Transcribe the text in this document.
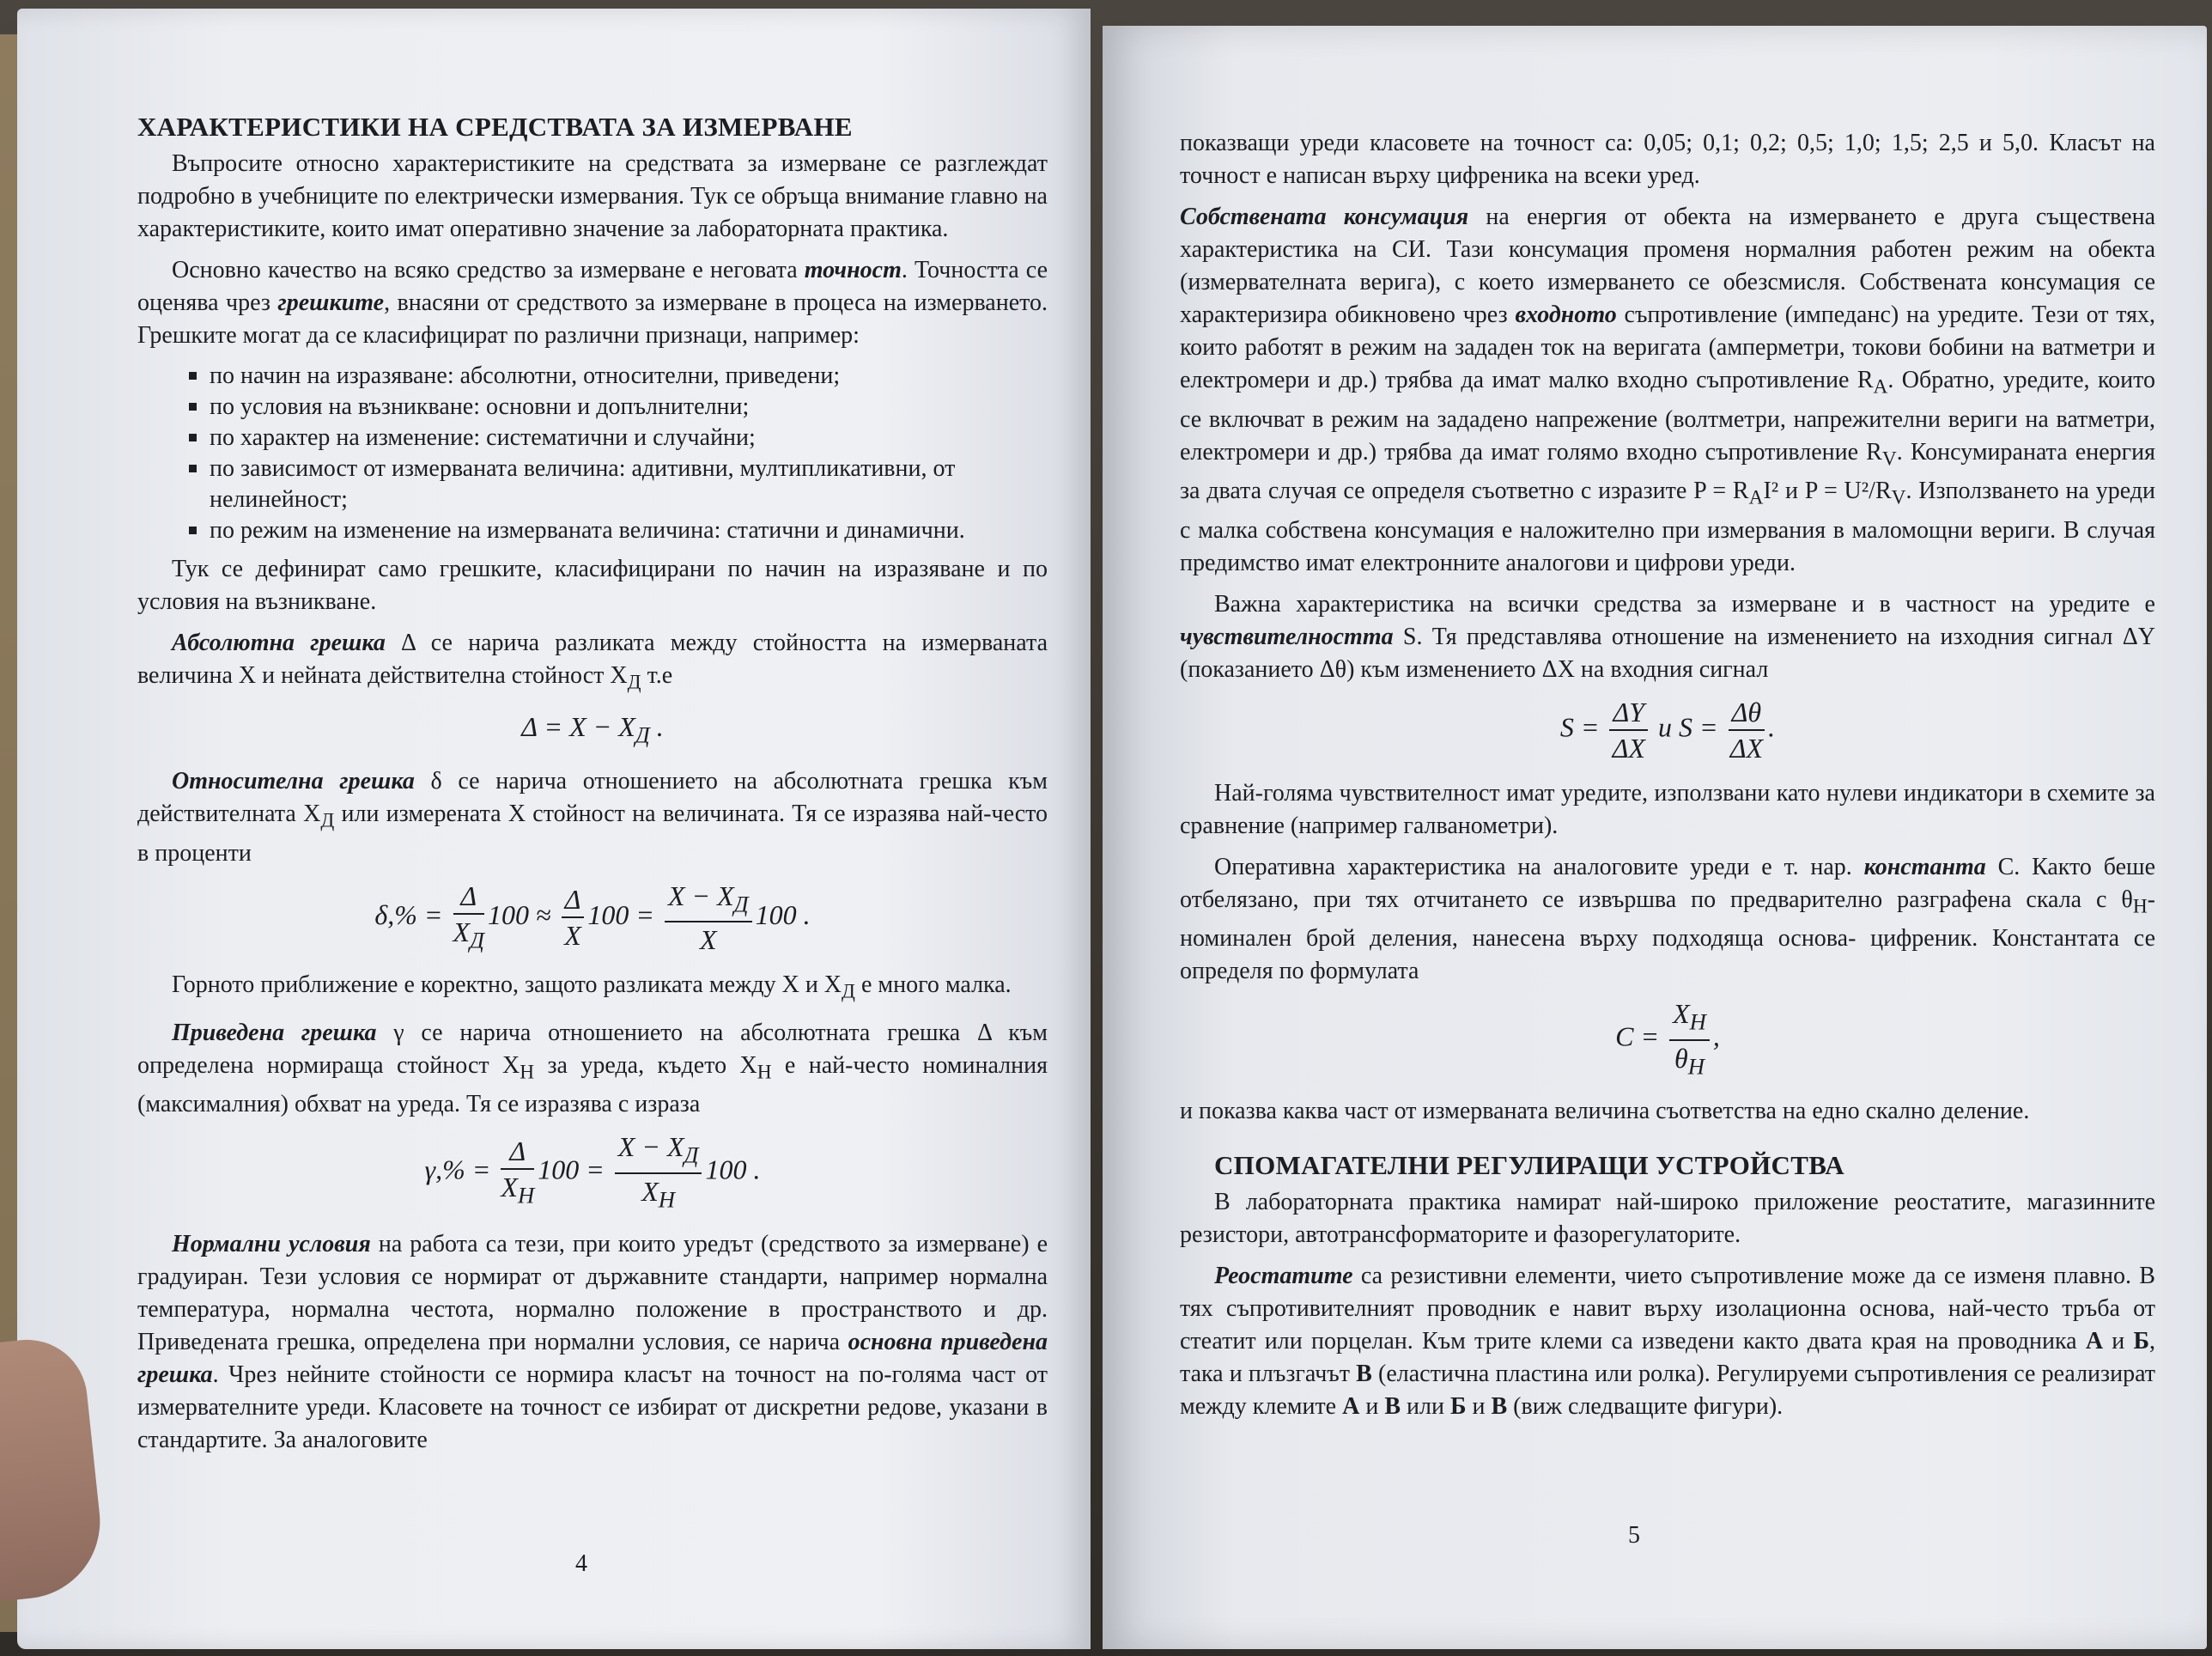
ХАРАКТЕРИСТИКИ НА СРЕДСТВАТА ЗА ИЗМЕРВАНЕ

Въпросите относно характеристиките на средствата за измерване се разглеждат подробно в учебниците по електрически измервания. Тук се обръща внимание главно на характеристиките, които имат оперативно значение за лабораторната практика.

Основно качество на всяко средство за измерване е неговата точност. Точността се оценява чрез грешките, внасяни от средството за измерване в процеса на измерването. Грешките могат да се класифицират по различни признаци, например:

по начин на изразяване: абсолютни, относителни, приведени;
по условия на възникване: основни и допълнителни;
по характер на изменение: систематични и случайни;
по зависимост от измерваната величина: адитивни, мултипликативни, от нелинейност;
по режим на изменение на измерваната величина: статични и динамични.

Тук се дефинират само грешките, класифицирани по начин на изразяване и по условия на възникване.

Абсолютна грешка Δ се нарича разликата между стойността на измерваната величина X и нейната действителна стойност $X_Д$ т.е

$\Delta = X - X_Д$ .

Относителна грешка δ се нарича отношението на абсолютната грешка към действителната $X_Д$ или измерената X стойност на величината. Тя се изразява най-често в проценти

$\delta,\% = \frac{\Delta}{X_Д} 100 \approx \frac{\Delta}{X} 100 = \frac{X - X_Д}{X} 100$ .

Горното приближение е коректно, защото разликата между X и $X_Д$ е много малка.

Приведена грешка γ се нарича отношението на абсолютната грешка Δ към определена нормираща стойност $X_Н$ за уреда, където $X_Н$ е най-често номиналния (максималния) обхват на уреда. Тя се изразява с израза

$\gamma,\% = \frac{\Delta}{X_Н} 100 = \frac{X - X_Д}{X_Н} 100$ .

Нормални условия на работа са тези, при които уредът (средството за измерване) е градуиран. Тези условия се нормират от държавните стандарти, например нормална температура, нормална честота, нормално положение в пространството и др. Приведената грешка, определена при нормални условия, се нарича основна приведена грешка. Чрез нейните стойности се нормира класът на точност на по-голяма част от измервателните уреди. Класовете на точност се избират от дискретни редове, указани в стандартите. За аналоговите

4

показващи уреди класовете на точност са: 0,05; 0,1; 0,2; 0,5; 1,0; 1,5; 2,5 и 5,0. Класът на точност е написан върху цифреника на всеки уред.

Собствената консумация на енергия от обекта на измерването е друга съществена характеристика на СИ. Тази консумация променя нормалния работен режим на обекта (измервателната верига), с което измерването се обезсмисля. Собствената консумация се характеризира обикновено чрез входното съпротивление (импеданс) на уредите. Тези от тях, които работят в режим на зададен ток на веригата (амперметри, токови бобини на ватметри и електромери и др.) трябва да имат малко входно съпротивление $R_A$. Обратно, уредите, които се включват в режим на зададено напрежение (волтметри, напрежителни вериги на ватметри, електромери и др.) трябва да имат голямо входно съпротивление $R_V$. Консумираната енергия за двата случая се определя съответно с изразите $P = R_AI^2$ и $P = U^2/R_V$. Използването на уреди с малка собствена консумация е наложително при измервания в маломощни вериги. В случая предимство имат електронните аналогови и цифрови уреди.

Важна характеристика на всички средства за измерване и в частност на уредите е чувствителността S. Тя представлява отношение на изменението на изходния сигнал ΔY (показанието Δθ) към изменението ΔX на входния сигнал

$S = \frac{\Delta Y}{\Delta X}$ и $S = \frac{\Delta\theta}{\Delta X}$ .

Най-голяма чувствителност имат уредите, използвани като нулеви индикатори в схемите за сравнение (например галванометри).

Оперативна характеристика на аналоговите уреди е т. нар. константа C. Както беше отбелязано, при тях отчитането се извършва по предварително разграфена скала с $\theta_Н-$ номинален брой деления, нанесена върху подходяща основа- цифреник. Константата се определя по формулата

$C = \frac{X_Н}{\theta_Н}$ ,

и показва каква част от измерваната величина съответства на едно скално деление.

СПОМАГАТЕЛНИ РЕГУЛИРАЩИ УСТРОЙСТВА

В лабораторната практика намират най-широко приложение реостатите, магазинните резистори, автотрансформаторите и фазорегулаторите.

Реостатите са резистивни елементи, чието съпротивление може да се изменя плавно. В тях съпротивителният проводник е навит върху изолационна основа, най-често тръба от стеатит или порцелан. Към трите клеми са изведени както двата края на проводника А и Б, така и плъзгачът В (еластична пластина или ролка). Регулируеми съпротивления се реализират между клемите А и В или Б и В (виж следващите фигури).

5
